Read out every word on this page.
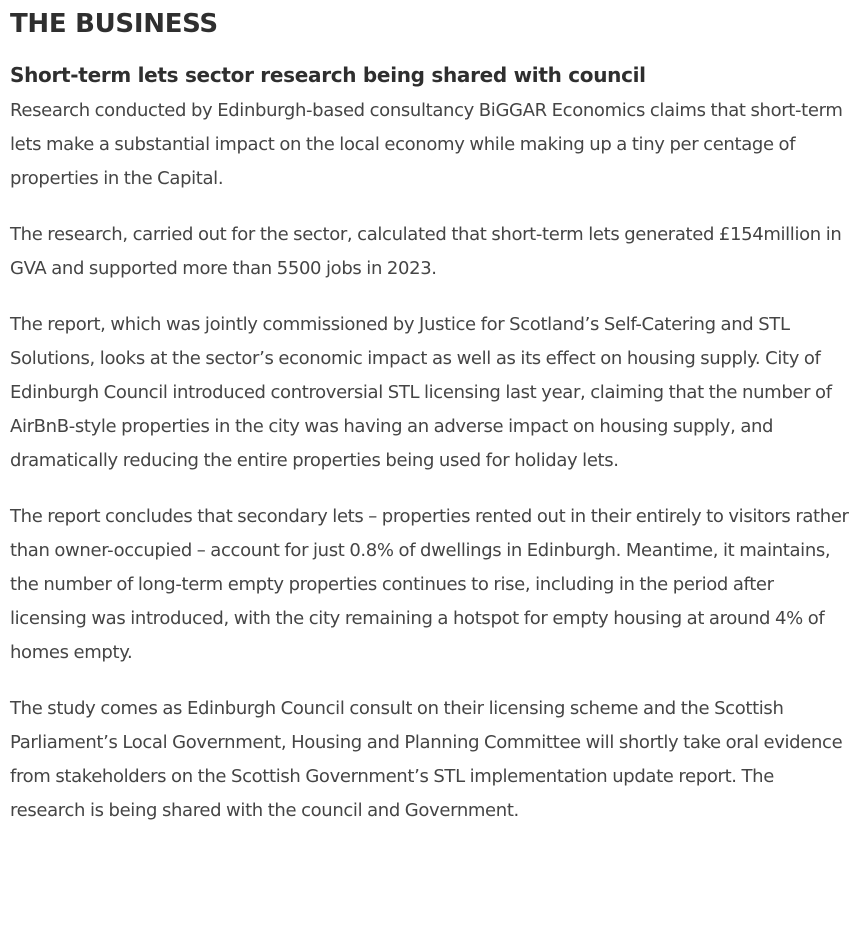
THE BUSINESS
Short-term lets sector research being shared with council

Research conducted by Edinburgh-based consultancy BiGGAR Economics claims that short-term lets make a substantial impact on the local economy while making up a tiny per centage of properties in the Capital.

The research, carried out for the sector, calculated that short-term lets generated £154million in GVA and supported more than 5500 jobs in 2023.

The report, which was jointly commissioned by Justice for Scotland’s Self-Catering and STL Solutions, looks at the sector’s economic impact as well as its effect on housing supply. City of Edinburgh Council introduced controversial STL licensing last year, claiming that the number of AirBnB-style properties in the city was having an adverse impact on housing supply, and dramatically reducing the entire properties being used for holiday lets.

The report concludes that secondary lets – properties rented out in their entirely to visitors rather than owner-occupied – account for just 0.8% of dwellings in Edinburgh. Meantime, it maintains, the number of long-term empty properties continues to rise, including in the period after licensing was introduced, with the city remaining a hotspot for empty housing at around 4% of homes empty.

The study comes as Edinburgh Council consult on their licensing scheme and the Scottish Parliament’s Local Government, Housing and Planning Committee will shortly take oral evidence from stakeholders on the Scottish Government’s STL implementation update report. The research is being shared with the council and Government.
